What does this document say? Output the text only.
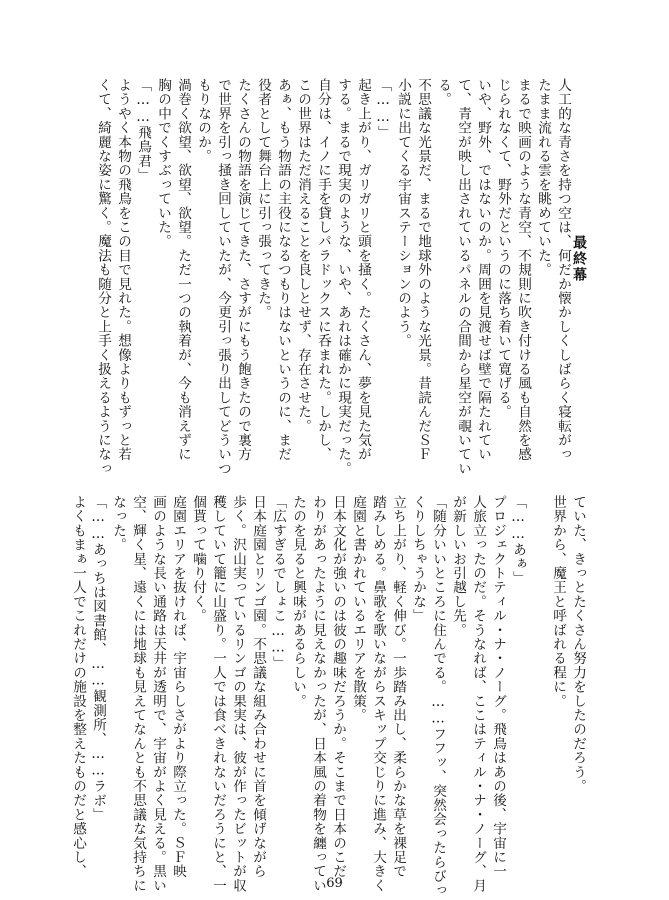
最終幕
人工的な青さを持つ空は、何だか懐かしくしばらく寝転がっ
たまま流れる雲を眺めていた。
まるで映画のような青空、不規則に吹き付ける風も自然を感
じられなくて、野外だというのに落ち着いて寛げる。
いや、野外、ではないのか。周囲を見渡せば壁で隔たれてい
て、青空が映し出されているパネルの合間から星空が覗いてい
る。
不思議な光景だ、まるで地球外のような光景。昔読んだＳＦ
小説に出てくる宇宙ステーションのよう。
「……」
起き上がり、ガリガリと頭を掻く。たくさん、夢を見た気が
する。まるで現実のような、いや、あれは確かに現実だった。
自分は、イノに手を貸しパラドックスに呑まれた。しかし、
この世界はただ消えることを良しとせず、存在させた。
あぁ、もう物語の主役になるつもりはないというのに、まだ
役者として舞台上に引っ張ってきた。
たくさんの物語を演じてきた、さすがにもう飽きたので裏方
で世界を引っ掻き回していたが、今更引っ張り出してどういつ
もりなのか。
渦巻く欲望、欲望、欲望。ただ一つの執着が、今も消えずに
胸の中でくすぶっていた。
「……飛鳥君」
ようやく本物の飛鳥をこの目で見れた。想像よりもずっと若
くて、綺麗な姿に驚く。魔法も随分と上手く扱えるようになっ
ていた、きっとたくさん努力をしたのだろう。
世界から、魔王と呼ばれる程に。
「……あぁ」
プロジェクトティル・ナ・ノーグ。飛鳥はあの後、宇宙に一
人旅立ったのだ。そうなれば、ここはティル・ナ・ノーグ、月
が新しいお引越し先。
「随分いいところに住んでる。……フフッ、突然会ったらびっ
くりしちゃうかな」
立ち上がり、軽く伸び。一歩踏み出し、柔らかな草を裸足で
踏みしめる。鼻歌を歌いながらスキップ交じりに進み、大きく
庭園と書かれているエリアを散策。
日本文化が強いのは彼の趣味だろうか。そこまで日本のこだ
わりがあったように見えなかったが、日本風の着物を纏ってい
たのを見ると興味があるらしい。
「広すぎるでしょこ……」
日本庭園とリンゴ園。不思議な組み合わせに首を傾げながら
歩く。沢山実っているリンゴの果実は、彼が作ったビットが収
穫していて籠に山盛り。一人では食べきれないだろうにと、一
個貰って噛り付く。
庭園エリアを抜ければ、宇宙らしさがより際立った。ＳＦ映
画のような長い通路は天井が透明で、宇宙がよく見える。黒い
空、輝く星、遠くには地球も見えてなんとも不思議な気持ちに
なった。
「……あっちは図書館、……観測所、……ラボ」
よくもまぁ一人でこれだけの施設を整えたものだと感心し、
69
